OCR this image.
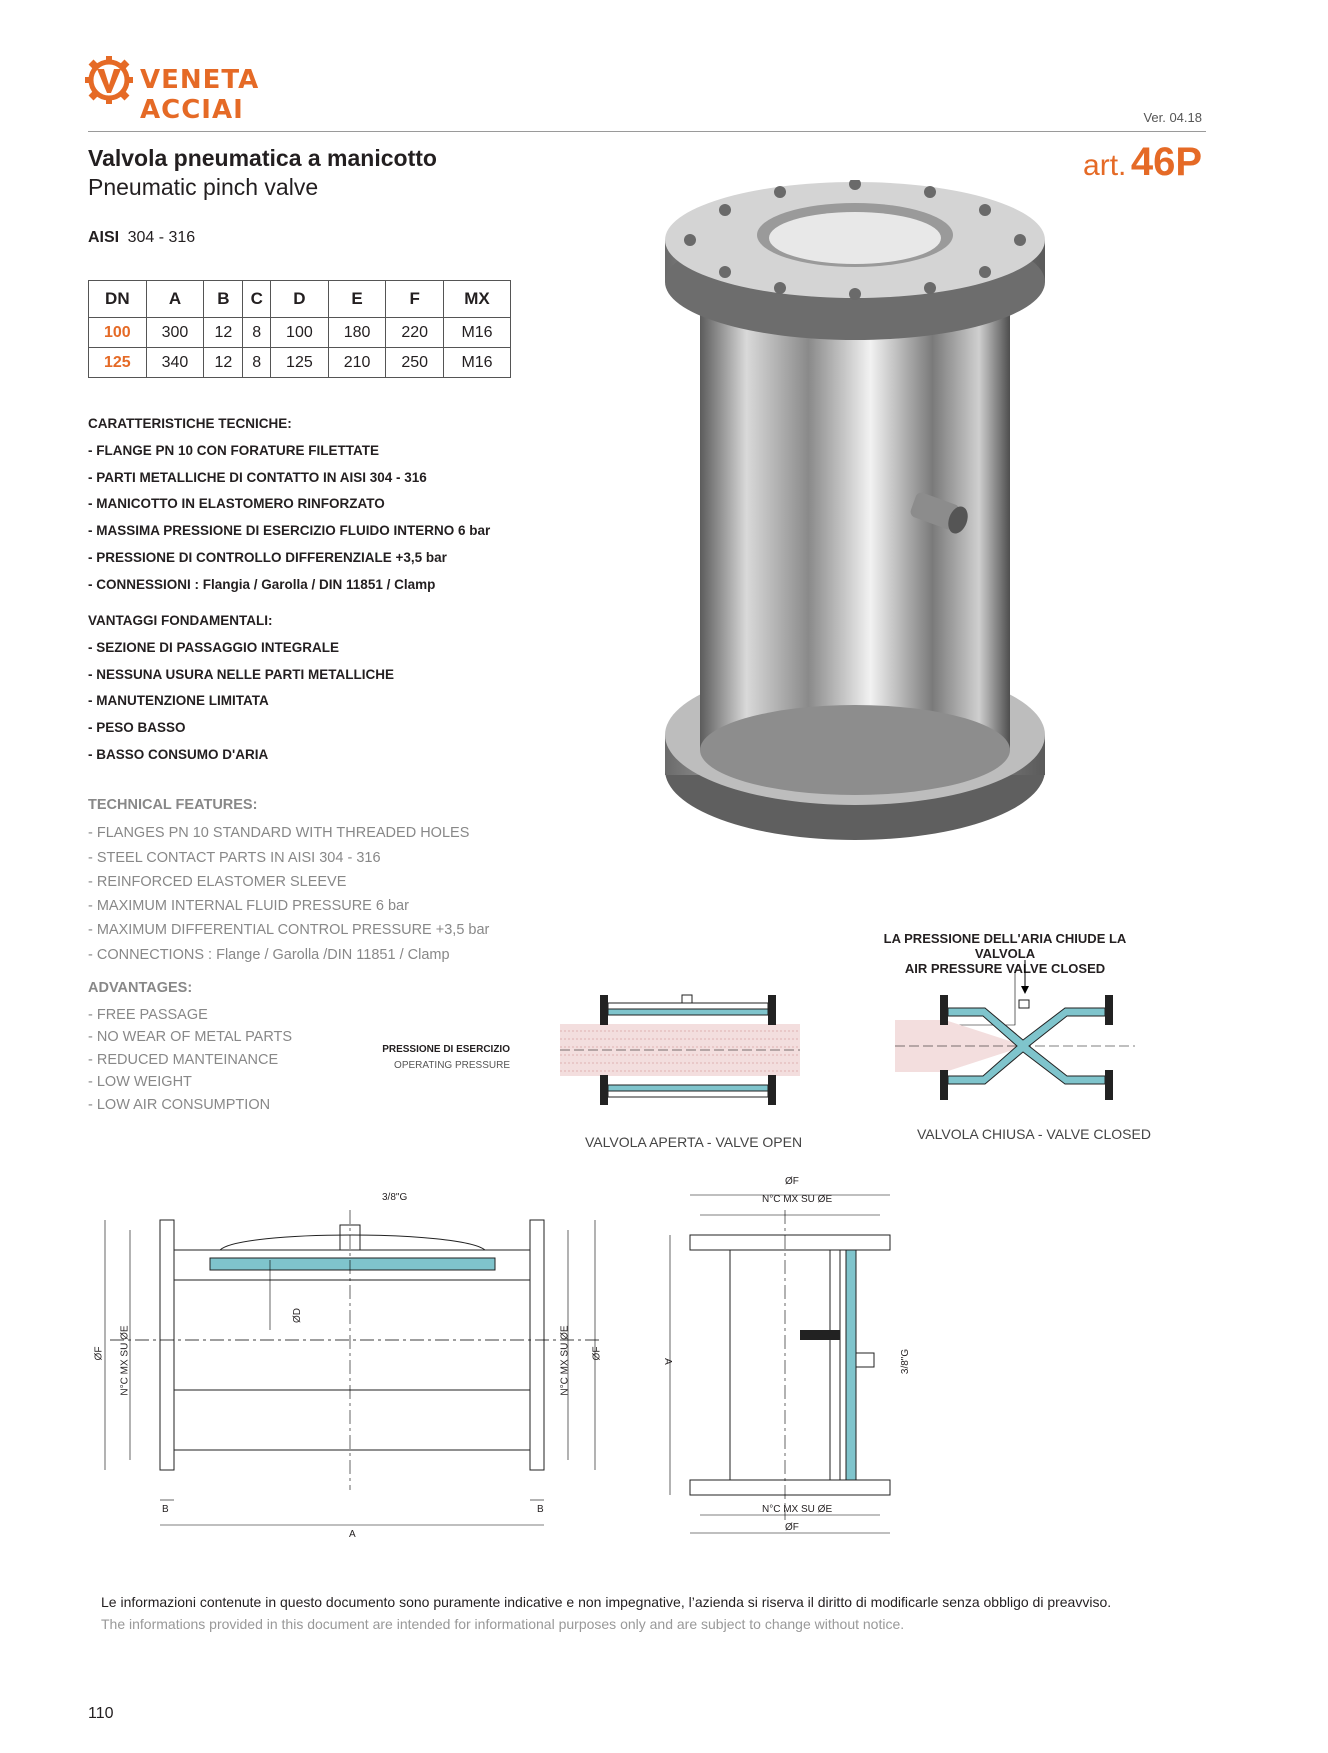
VENETA ACCIAI	Ver. 04.18
Valvola pneumatica a manicotto
Pneumatic pinch valve
art. 46P
AISI 304 - 316
DN	A	B	C	D	E	F	MX
100	300	12	8	100	180	220	M16
125	340	12	8	125	210	250	M16
CARATTERISTICHE TECNICHE:
- FLANGE PN 10 CON FORATURE FILETTATE
- PARTI METALLICHE DI CONTATTO IN AISI 304 - 316
- MANICOTTO IN ELASTOMERO RINFORZATO
- MASSIMA PRESSIONE DI ESERCIZIO FLUIDO INTERNO 6 bar
- PRESSIONE DI CONTROLLO DIFFERENZIALE +3,5 bar
- CONNESSIONI : Flangia / Garolla / DIN 11851 / Clamp
VANTAGGI FONDAMENTALI:
- SEZIONE DI PASSAGGIO INTEGRALE
- NESSUNA USURA NELLE PARTI METALLICHE
- MANUTENZIONE LIMITATA
- PESO BASSO
- BASSO CONSUMO D'ARIA
TECHNICAL FEATURES:
- FLANGES PN 10 STANDARD WITH THREADED HOLES
- STEEL CONTACT PARTS IN AISI 304 - 316
- REINFORCED ELASTOMER SLEEVE
- MAXIMUM INTERNAL FLUID PRESSURE 6 bar
- MAXIMUM DIFFERENTIAL CONTROL PRESSURE +3,5 bar
- CONNECTIONS : Flange / Garolla /DIN 11851 / Clamp
ADVANTAGES:
- FREE PASSAGE
- NO WEAR OF METAL PARTS
- REDUCED MANTEINANCE
- LOW WEIGHT
- LOW AIR CONSUMPTION
LA PRESSIONE DELL'ARIA CHIUDE LA VALVOLA
AIR PRESSURE VALVE CLOSED
PRESSIONE DI ESERCIZIO
OPERATING PRESSURE
VALVOLA APERTA - VALVE OPEN	VALVOLA CHIUSA - VALVE CLOSED
3/8"G
ØD
ØF N°C MX SU ØE	N°C MX SU ØE ØF
B	B
A
ØF
N°C MX SU ØE
N°C MX SU ØE
ØF
A	3/8"G
Le informazioni contenute in questo documento sono puramente indicative e non impegnative, l’azienda si riserva il diritto di modificarle senza obbligo di preavviso.
The informations provided in this document are intended for informational purposes only and are subject to change without notice.
110
